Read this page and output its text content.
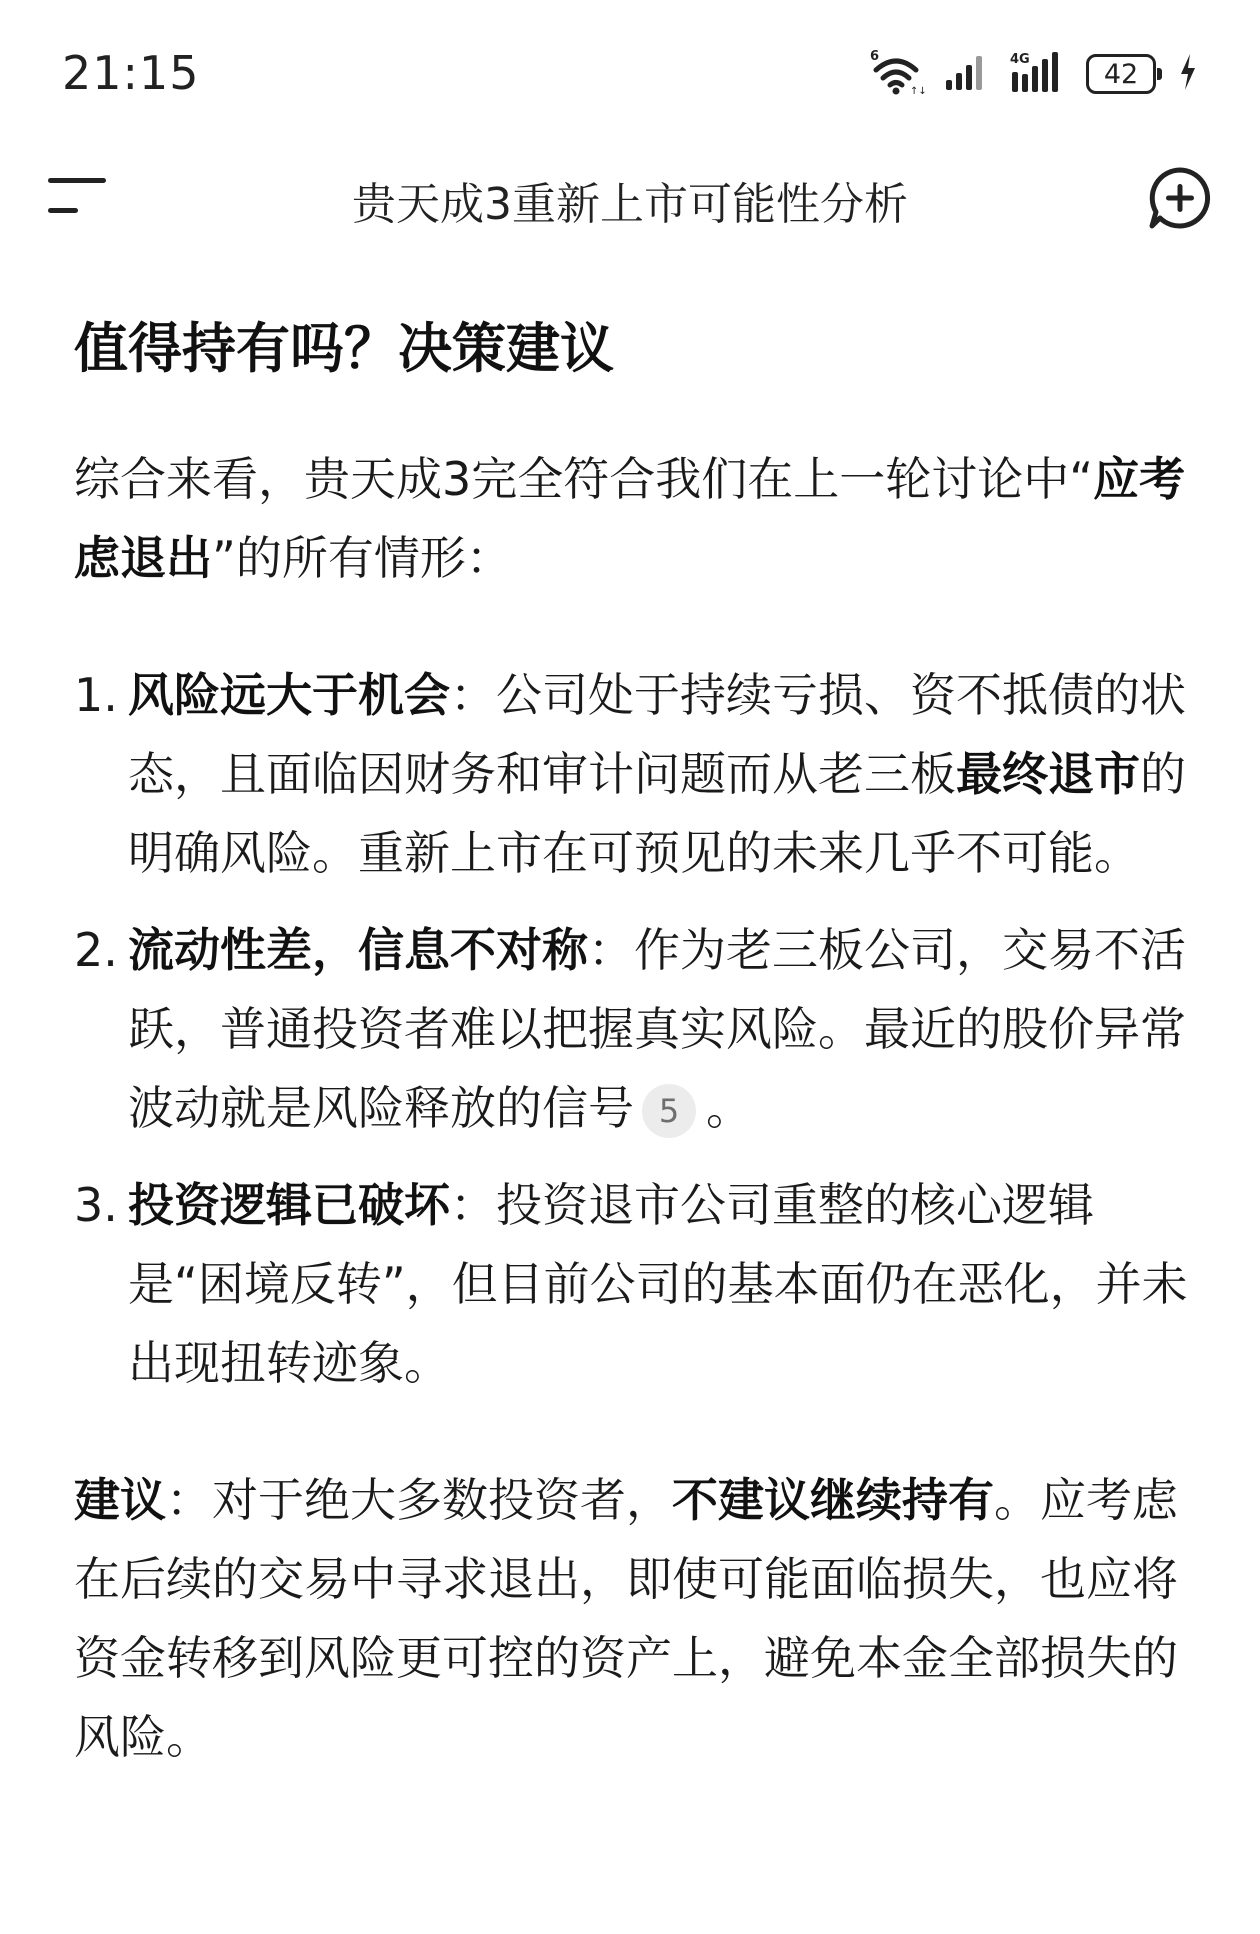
21:15	6
↑↓
4G	42
贵天成3重新上市可能性分析
值得持有吗？决策建议

综合来看，贵天成3完全符合我们在上一轮讨论中“应考虑退出”的所有情形：

1. 风险远大于机会：公司处于持续亏损、资不抵债的状态，且面临因财务和审计问题而从老三板最终退市的明确风险。重新上市在可预见的未来几乎不可能。
2. 流动性差，信息不对称：作为老三板公司，交易不活跃，普通投资者难以把握真实风险。最近的股价异常波动就是风险释放的信号 5 。
3. 投资逻辑已破坏：投资退市公司重整的核心逻辑是“困境反转”，但目前公司的基本面仍在恶化，并未出现扭转迹象。

建议：对于绝大多数投资者，不建议继续持有。应考虑在后续的交易中寻求退出，即使可能面临损失，也应将资金转移到风险更可控的资产上，避免本金全部损失的风险。
